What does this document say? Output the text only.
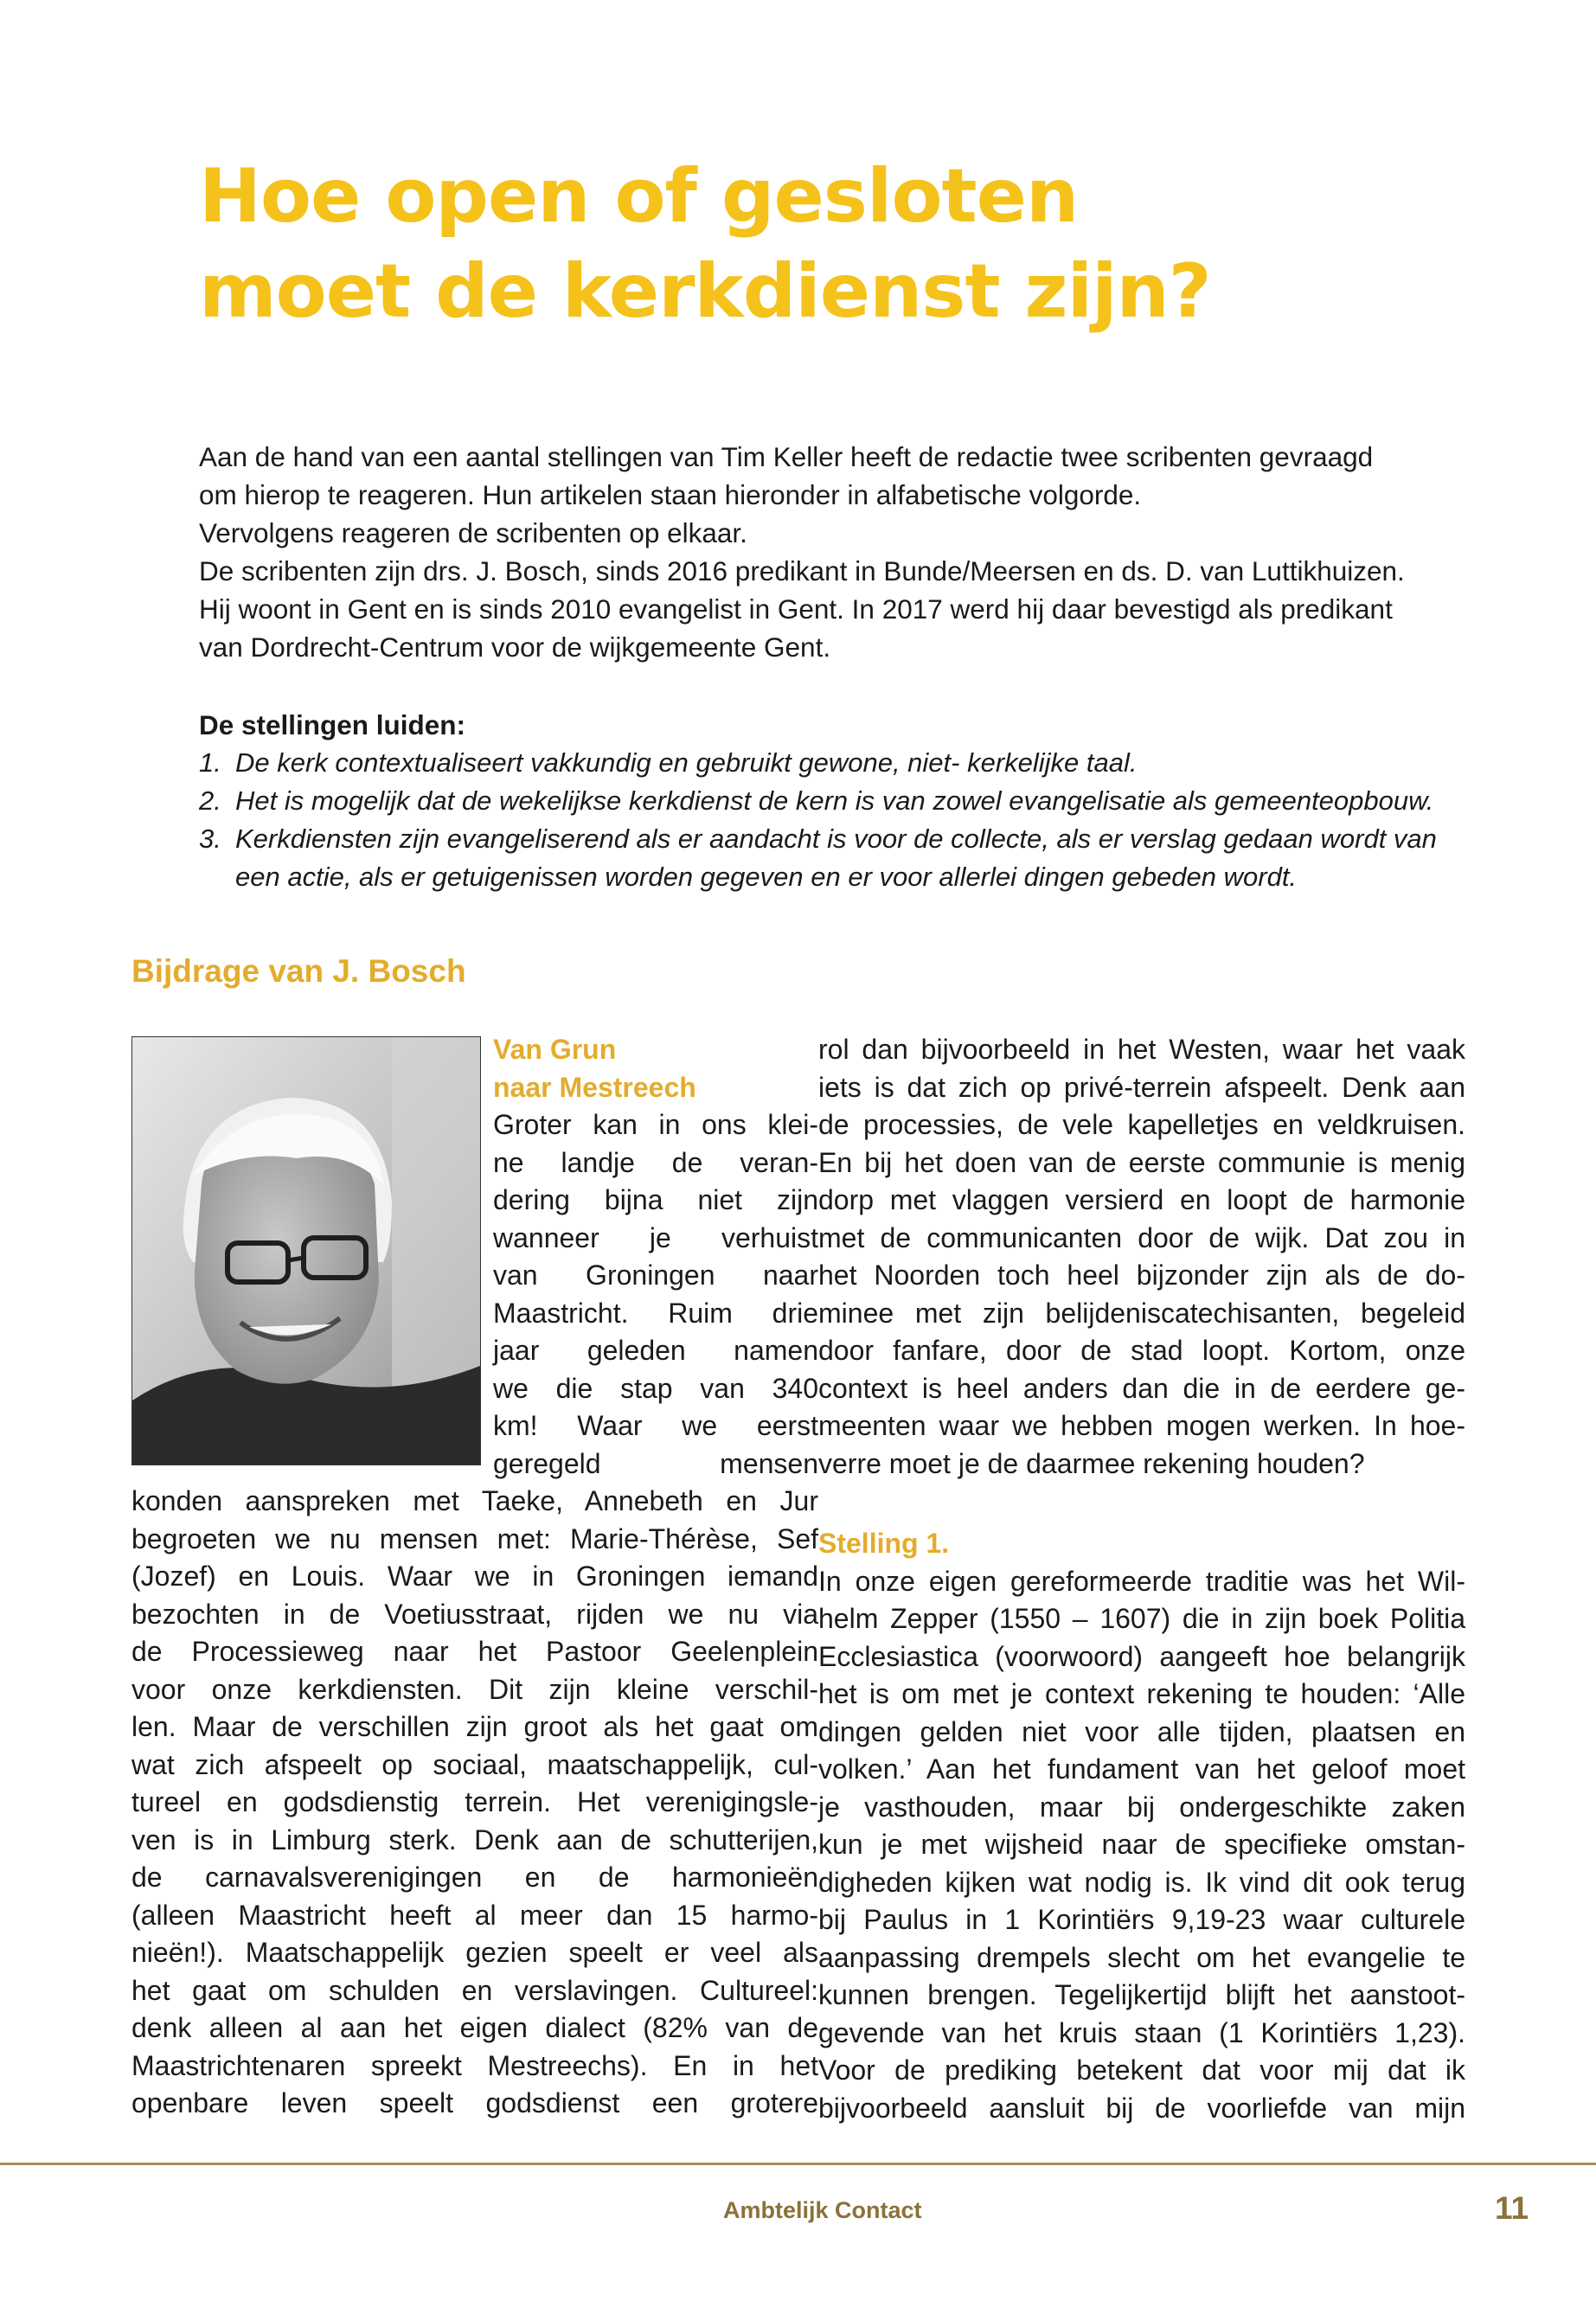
Hoe open of gesloten
moet de kerkdienst zijn?
Aan de hand van een aantal stellingen van Tim Keller heeft de redactie twee scribenten gevraagd
om hierop te reageren. Hun artikelen staan hieronder in alfabetische volgorde.
Vervolgens reageren de scribenten op elkaar.
De scribenten zijn drs. J. Bosch, sinds 2016 predikant in Bunde/Meersen en ds. D. van Luttikhuizen.
Hij woont in Gent en is sinds 2010 evangelist in Gent. In 2017 werd hij daar bevestigd als predikant
van Dordrecht-Centrum voor de wijkgemeente Gent.
De stellingen luiden:
1. De kerk contextualiseert vakkundig en gebruikt gewone, niet- kerkelijke taal.
2. Het is mogelijk dat de wekelijkse kerkdienst de kern is van zowel evangelisatie als gemeenteopbouw.
3. Kerkdiensten zijn evangeliserend als er aandacht is voor de collecte, als er verslag gedaan wordt van
een actie, als er getuigenissen worden gegeven en er voor allerlei dingen gebeden wordt.
Bijdrage van J. Bosch
Van Grun
naar Mestreech
Groter kan in ons klei-
ne landje de veran-
dering bijna niet zijn
wanneer je verhuist
van Groningen naar
Maastricht. Ruim drie
jaar geleden namen
we die stap van 340
km! Waar we eerst
geregeld mensen
konden aanspreken met Taeke, Annebeth en Jur
begroeten we nu mensen met: Marie-Thérèse, Sef
(Jozef) en Louis. Waar we in Groningen iemand
bezochten in de Voetiusstraat, rijden we nu via
de Processieweg naar het Pastoor Geelenplein
voor onze kerkdiensten. Dit zijn kleine verschil-
len. Maar de verschillen zijn groot als het gaat om
wat zich afspeelt op sociaal, maatschappelijk, cul-
tureel en godsdienstig terrein. Het verenigingsle-
ven is in Limburg sterk. Denk aan de schutterijen,
de carnavalsverenigingen en de harmonieën
(alleen Maastricht heeft al meer dan 15 harmo-
nieën!). Maatschappelijk gezien speelt er veel als
het gaat om schulden en verslavingen. Cultureel:
denk alleen al aan het eigen dialect (82% van de
Maastrichtenaren spreekt Mestreechs). En in het
openbare leven speelt godsdienst een grotere
rol dan bijvoorbeeld in het Westen, waar het vaak
iets is dat zich op privé-terrein afspeelt. Denk aan
de processies, de vele kapelletjes en veldkruisen.
En bij het doen van de eerste communie is menig
dorp met vlaggen versierd en loopt de harmonie
met de communicanten door de wijk. Dat zou in
het Noorden toch heel bijzonder zijn als de do-
minee met zijn belijdeniscatechisanten, begeleid
door fanfare, door de stad loopt. Kortom, onze
context is heel anders dan die in de eerdere ge-
meenten waar we hebben mogen werken. In hoe-
verre moet je de daarmee rekening houden?
Stelling 1.
In onze eigen gereformeerde traditie was het Wil-
helm Zepper (1550 – 1607) die in zijn boek Politia
Ecclesiastica (voorwoord) aangeeft hoe belangrijk
het is om met je context rekening te houden: ‘Alle
dingen gelden niet voor alle tijden, plaatsen en
volken.’ Aan het fundament van het geloof moet
je vasthouden, maar bij ondergeschikte zaken
kun je met wijsheid naar de specifieke omstan-
digheden kijken wat nodig is. Ik vind dit ook terug
bij Paulus in 1 Korintiërs 9,19-23 waar culturele
aanpassing drempels slecht om het evangelie te
kunnen brengen. Tegelijkertijd blijft het aanstoot-
gevende van het kruis staan (1 Korintiërs 1,23).
Voor de prediking betekent dat voor mij dat ik
bijvoorbeeld aansluit bij de voorliefde van mijn
Ambtelijk Contact	11
